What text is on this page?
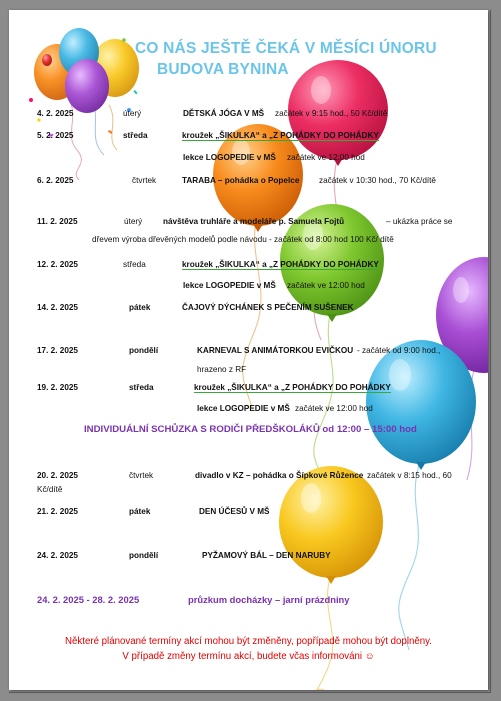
CO NÁS JEŠTĚ ČEKÁ V MĚSÍCI ÚNORU
BUDOVA BYNINA
4. 2. 2025	úterý	DĚTSKÁ JÓGA V MŠ začátek v 9:15 hod., 50 Kč/dítě
5. 2. 2025	středa	kroužek „ŠIKULKA“ a „Z POHÁDKY DO POHÁDKY
lekce LOGOPEDIE v MŠ začátek ve 12:00 hod
6. 2. 2025	čtvrtek	TARABA – pohádka o Popelce začátek v 10:30 hod., 70 Kč/dítě
11. 2. 2025	úterý	návštěva truhláře a modeláře p. Samuela Fojtů	– ukázka práce se
dřevem výroba dřevěných modelů podle návodu - začátek od 8:00 hod 100 Kč/ dítě
12. 2. 2025	středa	kroužek „ŠIKULKA“ a „Z POHÁDKY DO POHÁDKY
lekce LOGOPEDIE v MŠ začátek ve 12:00 hod
14. 2. 2025	pátek	ČAJOVÝ DÝCHÁNEK S PEČENÍM SUŠENEK
17. 2. 2025	pondělí	KARNEVAL S ANIMÁTORKOU EVIČKOU - začátek od 9:00 hod.,
hrazeno z RF
19. 2. 2025	středa	kroužek „ŠIKULKA“ a „Z POHÁDKY DO POHÁDKY
lekce LOGOPEDIE v MŠ začátek ve 12:00 hod
INDIVIDUÁLNÍ SCHŮZKA S RODIČI PŘEDŠKOLÁKŮ od 12:00 – 15:00 hod
20. 2. 2025	čtvrtek	divadlo v KZ – pohádka o Šípkové Růžence začátek v 8:15 hod., 60
Kč/dítě
21. 2. 2025	pátek	DEN ÚČESŮ V MŠ
24. 2. 2025	pondělí	PYŽAMOVÝ BÁL – DEN NARUBY
24. 2. 2025 - 28. 2. 2025	průzkum docházky – jarní prázdniny
Některé plánované termíny akcí mohou být změněny, popřípadě mohou být doplněny.
V případě změny termínu akcí, budete včas informováni ☺
